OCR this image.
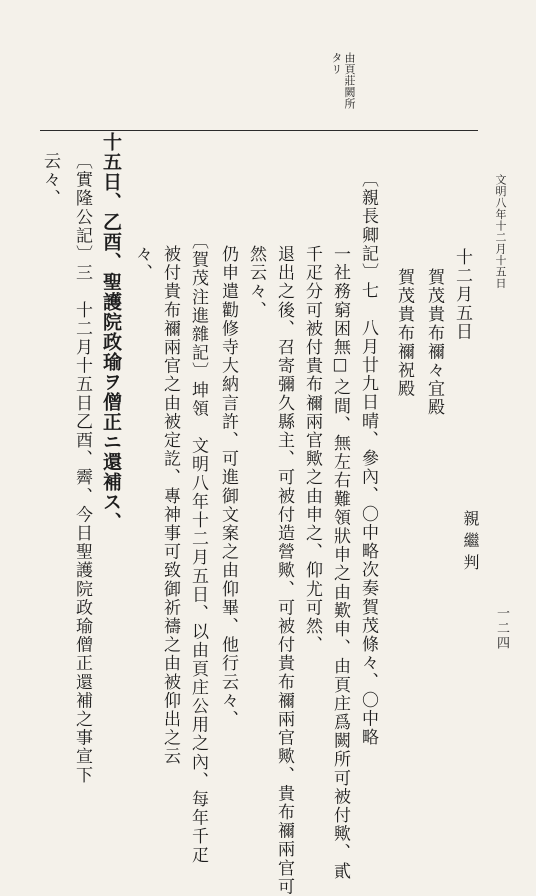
文明八年十二月十五日
由頁莊闕所タリ
十二月五日
賀茂貴布禰々宜殿
賀茂貴布禰祝殿
親繼判
一二四
〔親長卿記〕七　八月廿九日晴、參內、〇中略次奏賀茂條々、〇中略
一社務窮困無☐之間、無左右難領狀申之由歎申、由頁庄爲闕所可被付歟、貳
千疋分可被付貴布禰兩官歟之由申之、仰尤可然、
退出之後、召寄彌久縣主、可被付造營歟、可被付貴布禰兩官歟、貴布禰兩官可
然云々、
仍申遣勸修寺大納言許、可進御文案之由仰畢、他行云々、
〔賀茂注進雜記〕坤領　文明八年十二月五日、以由頁庄公用之內、每年千疋
被付貴布禰兩官之由被定訖、專神事可致御祈禱之由被仰出之云
々、
十五日、乙酉、聖護院政瑜ヲ僧正ニ還補ス、
〔實隆公記〕三　十二月十五日乙酉、霽、今日聖護院政瑜僧正還補之事宣下
云々、
